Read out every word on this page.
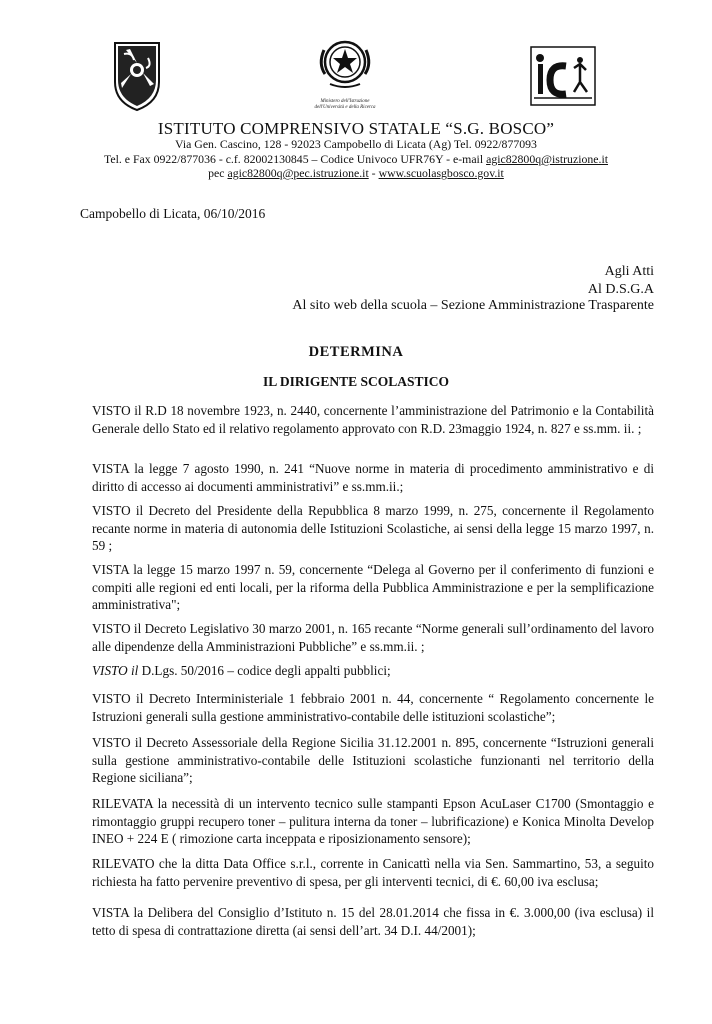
Ministero dell'Istruzione dell'Università e della Ricerca
ISTITUTO COMPRENSIVO STATALE “S.G. BOSCO”
Via Gen. Cascino, 128 - 92023 Campobello di Licata (Ag) Tel. 0922/877093
Tel. e Fax 0922/877036 - c.f. 82002130845 – Codice Univoco UFR76Y - e-mail agic82800q@istruzione.it
pec agic82800q@pec.istruzione.it - www.scuolasgbosco.gov.it
Campobello di Licata, 06/10/2016
Agli Atti
Al D.S.G.A
Al sito web della scuola – Sezione Amministrazione Trasparente
DETERMINA
IL DIRIGENTE SCOLASTICO
VISTO il R.D 18 novembre 1923, n. 2440, concernente l’amministrazione del Patrimonio e la Contabilità Generale dello Stato ed il relativo regolamento approvato con R.D. 23maggio 1924, n. 827 e ss.mm. ii. ;
VISTA la legge 7 agosto 1990, n. 241 “Nuove norme in materia di procedimento amministrativo e di diritto di accesso ai documenti amministrativi” e ss.mm.ii.;
VISTO il Decreto del Presidente della Repubblica 8 marzo 1999, n. 275, concernente il Regolamento recante norme in materia di autonomia delle Istituzioni Scolastiche, ai sensi della legge 15 marzo 1997, n. 59 ;
VISTA la legge 15 marzo 1997 n. 59, concernente “Delega al Governo per il conferimento di funzioni e compiti alle regioni ed enti locali, per la riforma della Pubblica Amministrazione e per la semplificazione amministrativa";
VISTO il Decreto Legislativo 30 marzo 2001, n. 165 recante “Norme generali sull’ordinamento del lavoro alle dipendenze della Amministrazioni Pubbliche” e ss.mm.ii. ;
VISTO il D.Lgs. 50/2016 – codice degli appalti pubblici;
VISTO il Decreto Interministeriale 1 febbraio 2001 n. 44, concernente “ Regolamento concernente le Istruzioni generali sulla gestione amministrativo-contabile delle istituzioni scolastiche”;
VISTO il Decreto Assessoriale della Regione Sicilia 31.12.2001 n. 895, concernente “Istruzioni generali sulla gestione amministrativo-contabile delle Istituzioni scolastiche funzionanti nel territorio della Regione siciliana”;
RILEVATA la necessità di un intervento tecnico sulle stampanti Epson AcuLaser C1700 (Smontaggio e rimontaggio gruppi recupero toner – pulitura interna da toner – lubrificazione) e Konica Minolta Develop INEO + 224 E ( rimozione carta inceppata e riposizionamento sensore);
RILEVATO che la ditta Data Office s.r.l., corrente in Canicattì nella via Sen. Sammartino, 53, a seguito richiesta ha fatto pervenire preventivo di spesa, per gli interventi tecnici, di €. 60,00 iva esclusa;
VISTA la Delibera del Consiglio d’Istituto n. 15 del 28.01.2014 che fissa in €. 3.000,00 (iva esclusa) il tetto di spesa di contrattazione diretta (ai sensi dell’art. 34 D.I. 44/2001);
